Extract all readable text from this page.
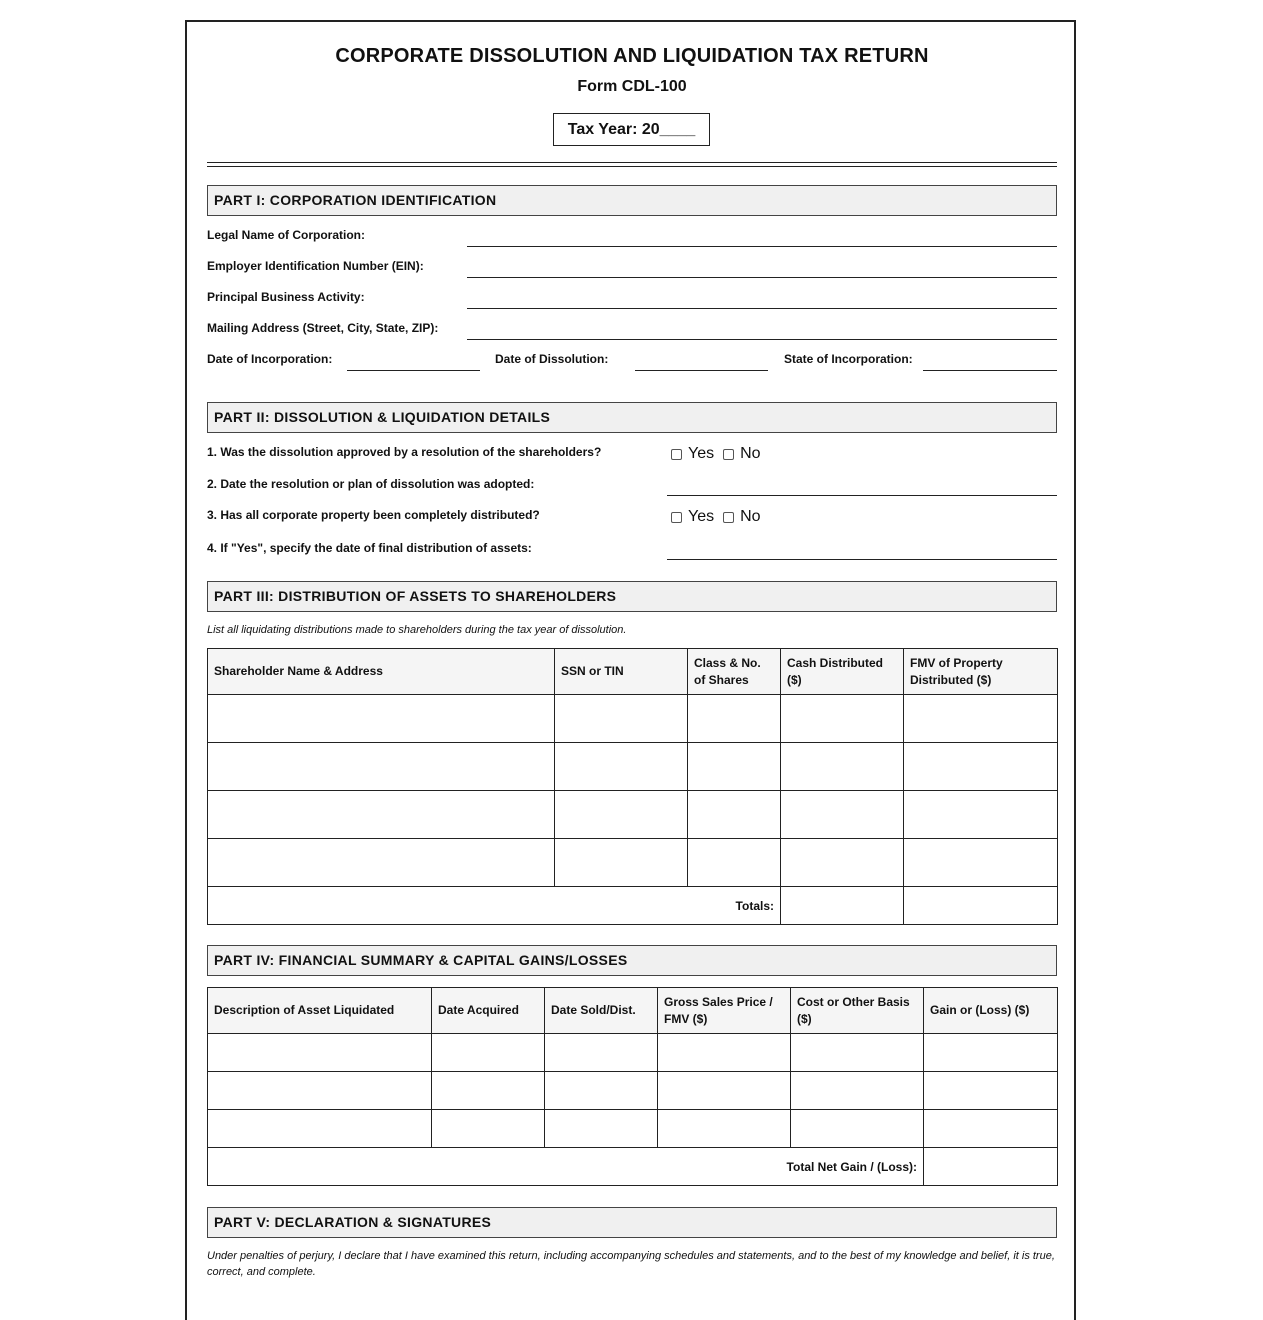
CORPORATE DISSOLUTION AND LIQUIDATION TAX RETURN
Form CDL-100
Tax Year: 20____
PART I: CORPORATION IDENTIFICATION
Legal Name of Corporation:
Employer Identification Number (EIN):
Principal Business Activity:
Mailing Address (Street, City, State, ZIP):
Date of Incorporation:	Date of Dissolution:	State of Incorporation:
PART II: DISSOLUTION & LIQUIDATION DETAILS
1. Was the dissolution approved by a resolution of the shareholders?	Yes No
2. Date the resolution or plan of dissolution was adopted:
3. Has all corporate property been completely distributed?	Yes No
4. If "Yes", specify the date of final distribution of assets:
PART III: DISTRIBUTION OF ASSETS TO SHAREHOLDERS
List all liquidating distributions made to shareholders during the tax year of dissolution.
Shareholder Name & Address	SSN or TIN	Class & No. of Shares	Cash Distributed ($)	FMV of Property Distributed ($)

Totals:				
PART IV: FINANCIAL SUMMARY & CAPITAL GAINS/LOSSES
Description of Asset Liquidated	Date Acquired	Date Sold/Dist.	Gross Sales Price / FMV ($)	Cost or Other Basis ($)	Gain or (Loss) ($)

Total Net Gain / (Loss):					
PART V: DECLARATION & SIGNATURES
Under penalties of perjury, I declare that I have examined this return, including accompanying schedules and statements, and to the best of my knowledge and belief, it is true, correct, and complete.
